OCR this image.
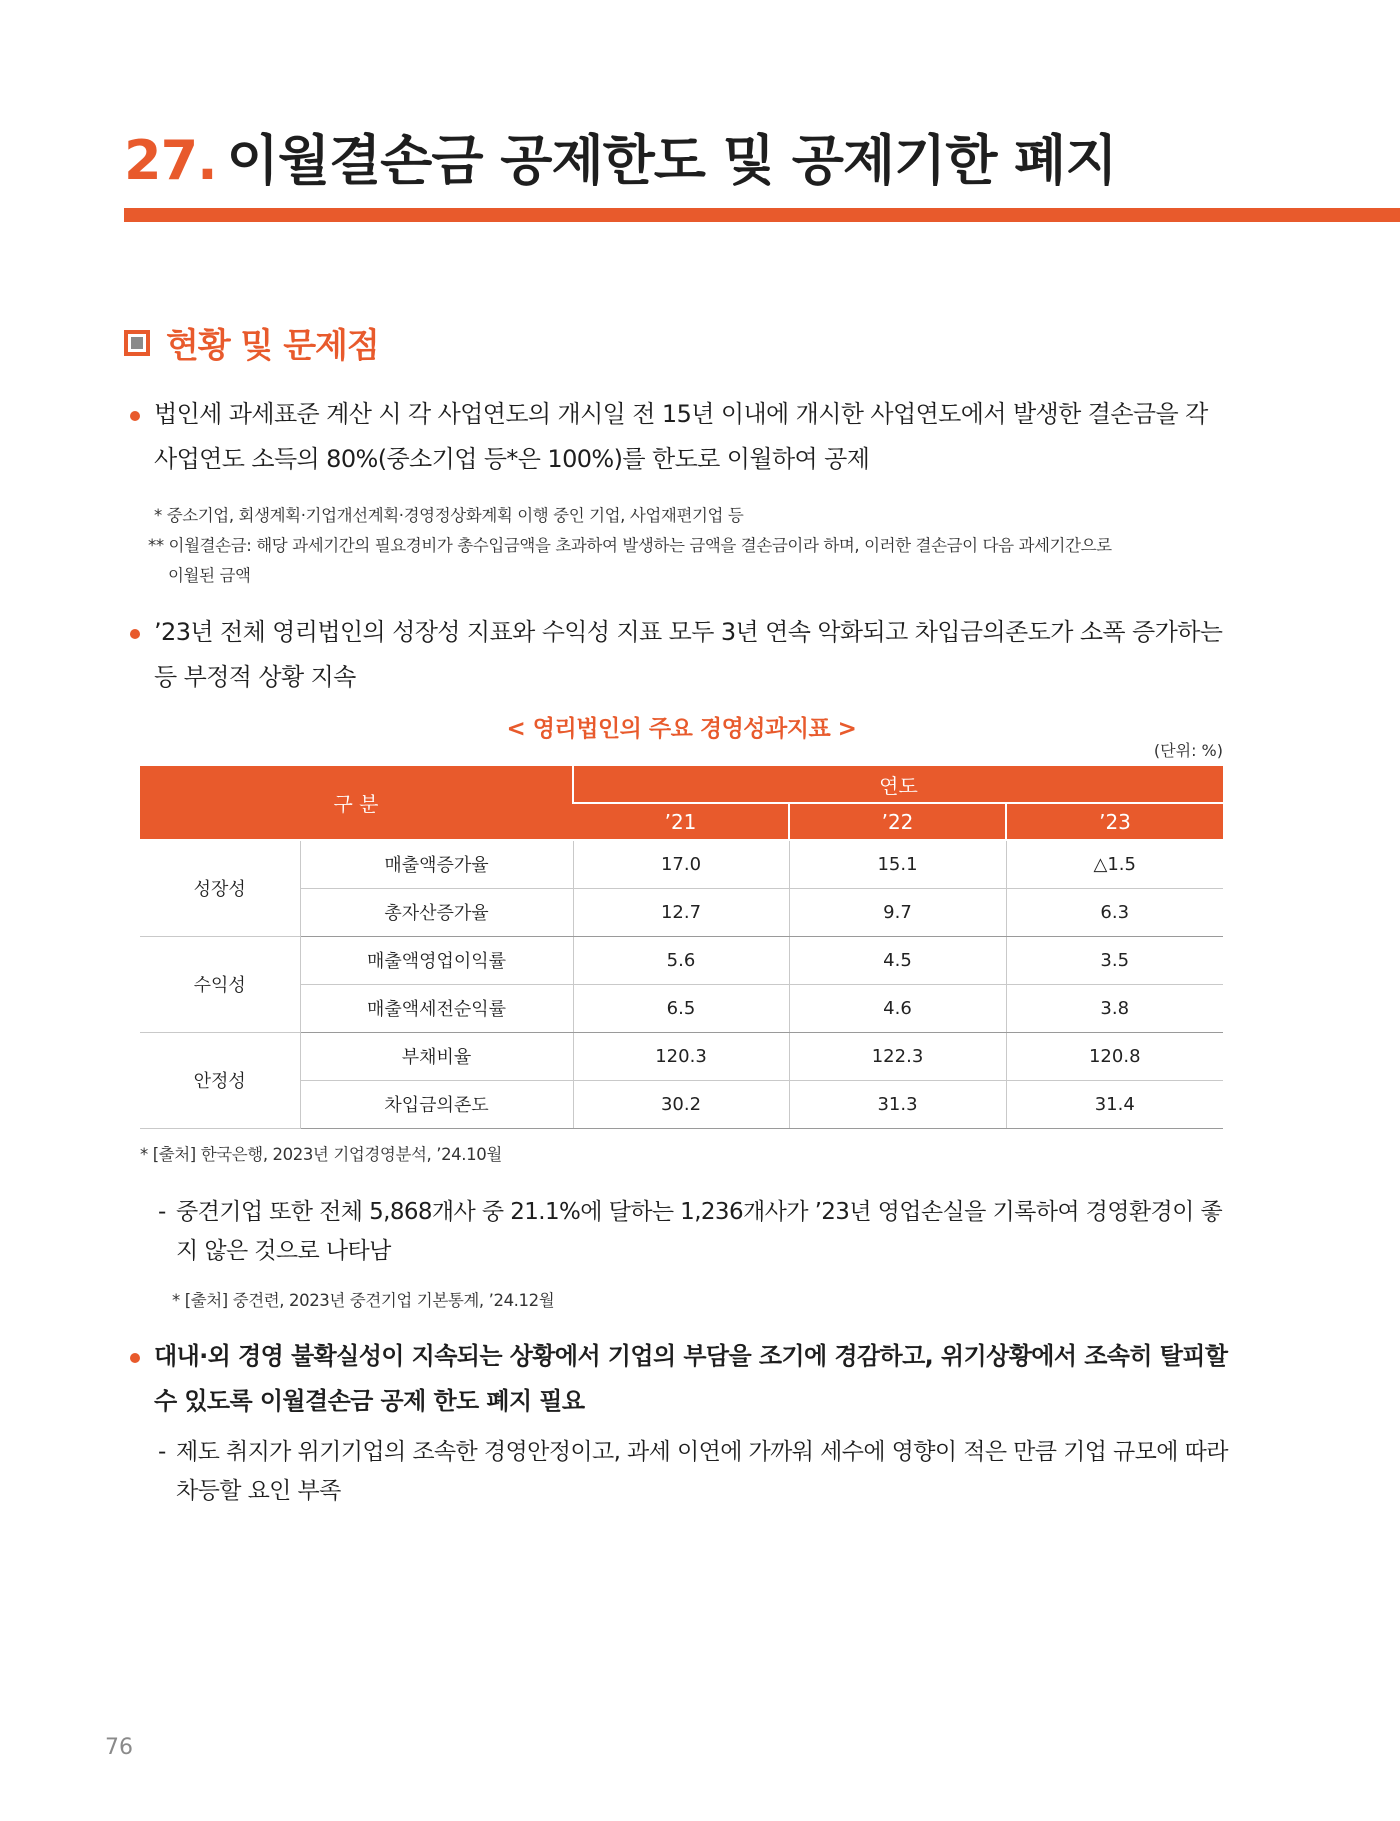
27. 이월결손금 공제한도 및 공제기한 폐지
현황 및 문제점
법인세 과세표준 계산 시 각 사업연도의 개시일 전 15년 이내에 개시한 사업연도에서 발생한 결손금을 각 사업연도 소득의 80%(중소기업 등*은 100%)를 한도로 이월하여 공제
* 중소기업, 회생계획·기업개선계획·경영정상화계획 이행 중인 기업, 사업재편기업 등
** 이월결손금: 해당 과세기간의 필요경비가 총수입금액을 초과하여 발생하는 금액을 결손금이라 하며, 이러한 결손금이 다음 과세기간으로
이월된 금액
’23년 전체 영리법인의 성장성 지표와 수익성 지표 모두 3년 연속 악화되고 차입금의존도가 소폭 증가하는 등 부정적 상황 지속
< 영리법인의 주요 경영성과지표 >
(단위: %)
구 분		연도		
		’21	’22	’23
성장성	매출액증가율	17.0	15.1	△1.5
	총자산증가율	12.7	9.7	6.3
수익성	매출액영업이익률	5.6	4.5	3.5
	매출액세전순익률	6.5	4.6	3.8
안정성	부채비율	120.3	122.3	120.8
	차입금의존도	30.2	31.3	31.4
* [출처] 한국은행, 2023년 기업경영분석, ’24.10월
- 중견기업 또한 전체 5,868개사 중 21.1%에 달하는 1,236개사가 ’23년 영업손실을 기록하여 경영환경이 좋지 않은 것으로 나타남
* [출처] 중견련, 2023년 중견기업 기본통계, ’24.12월
대내·외 경영 불확실성이 지속되는 상황에서 기업의 부담을 조기에 경감하고, 위기상황에서 조속히 탈피할 수 있도록 이월결손금 공제 한도 폐지 필요
- 제도 취지가 위기기업의 조속한 경영안정이고, 과세 이연에 가까워 세수에 영향이 적은 만큼 기업 규모에 따라 차등할 요인 부족
76
